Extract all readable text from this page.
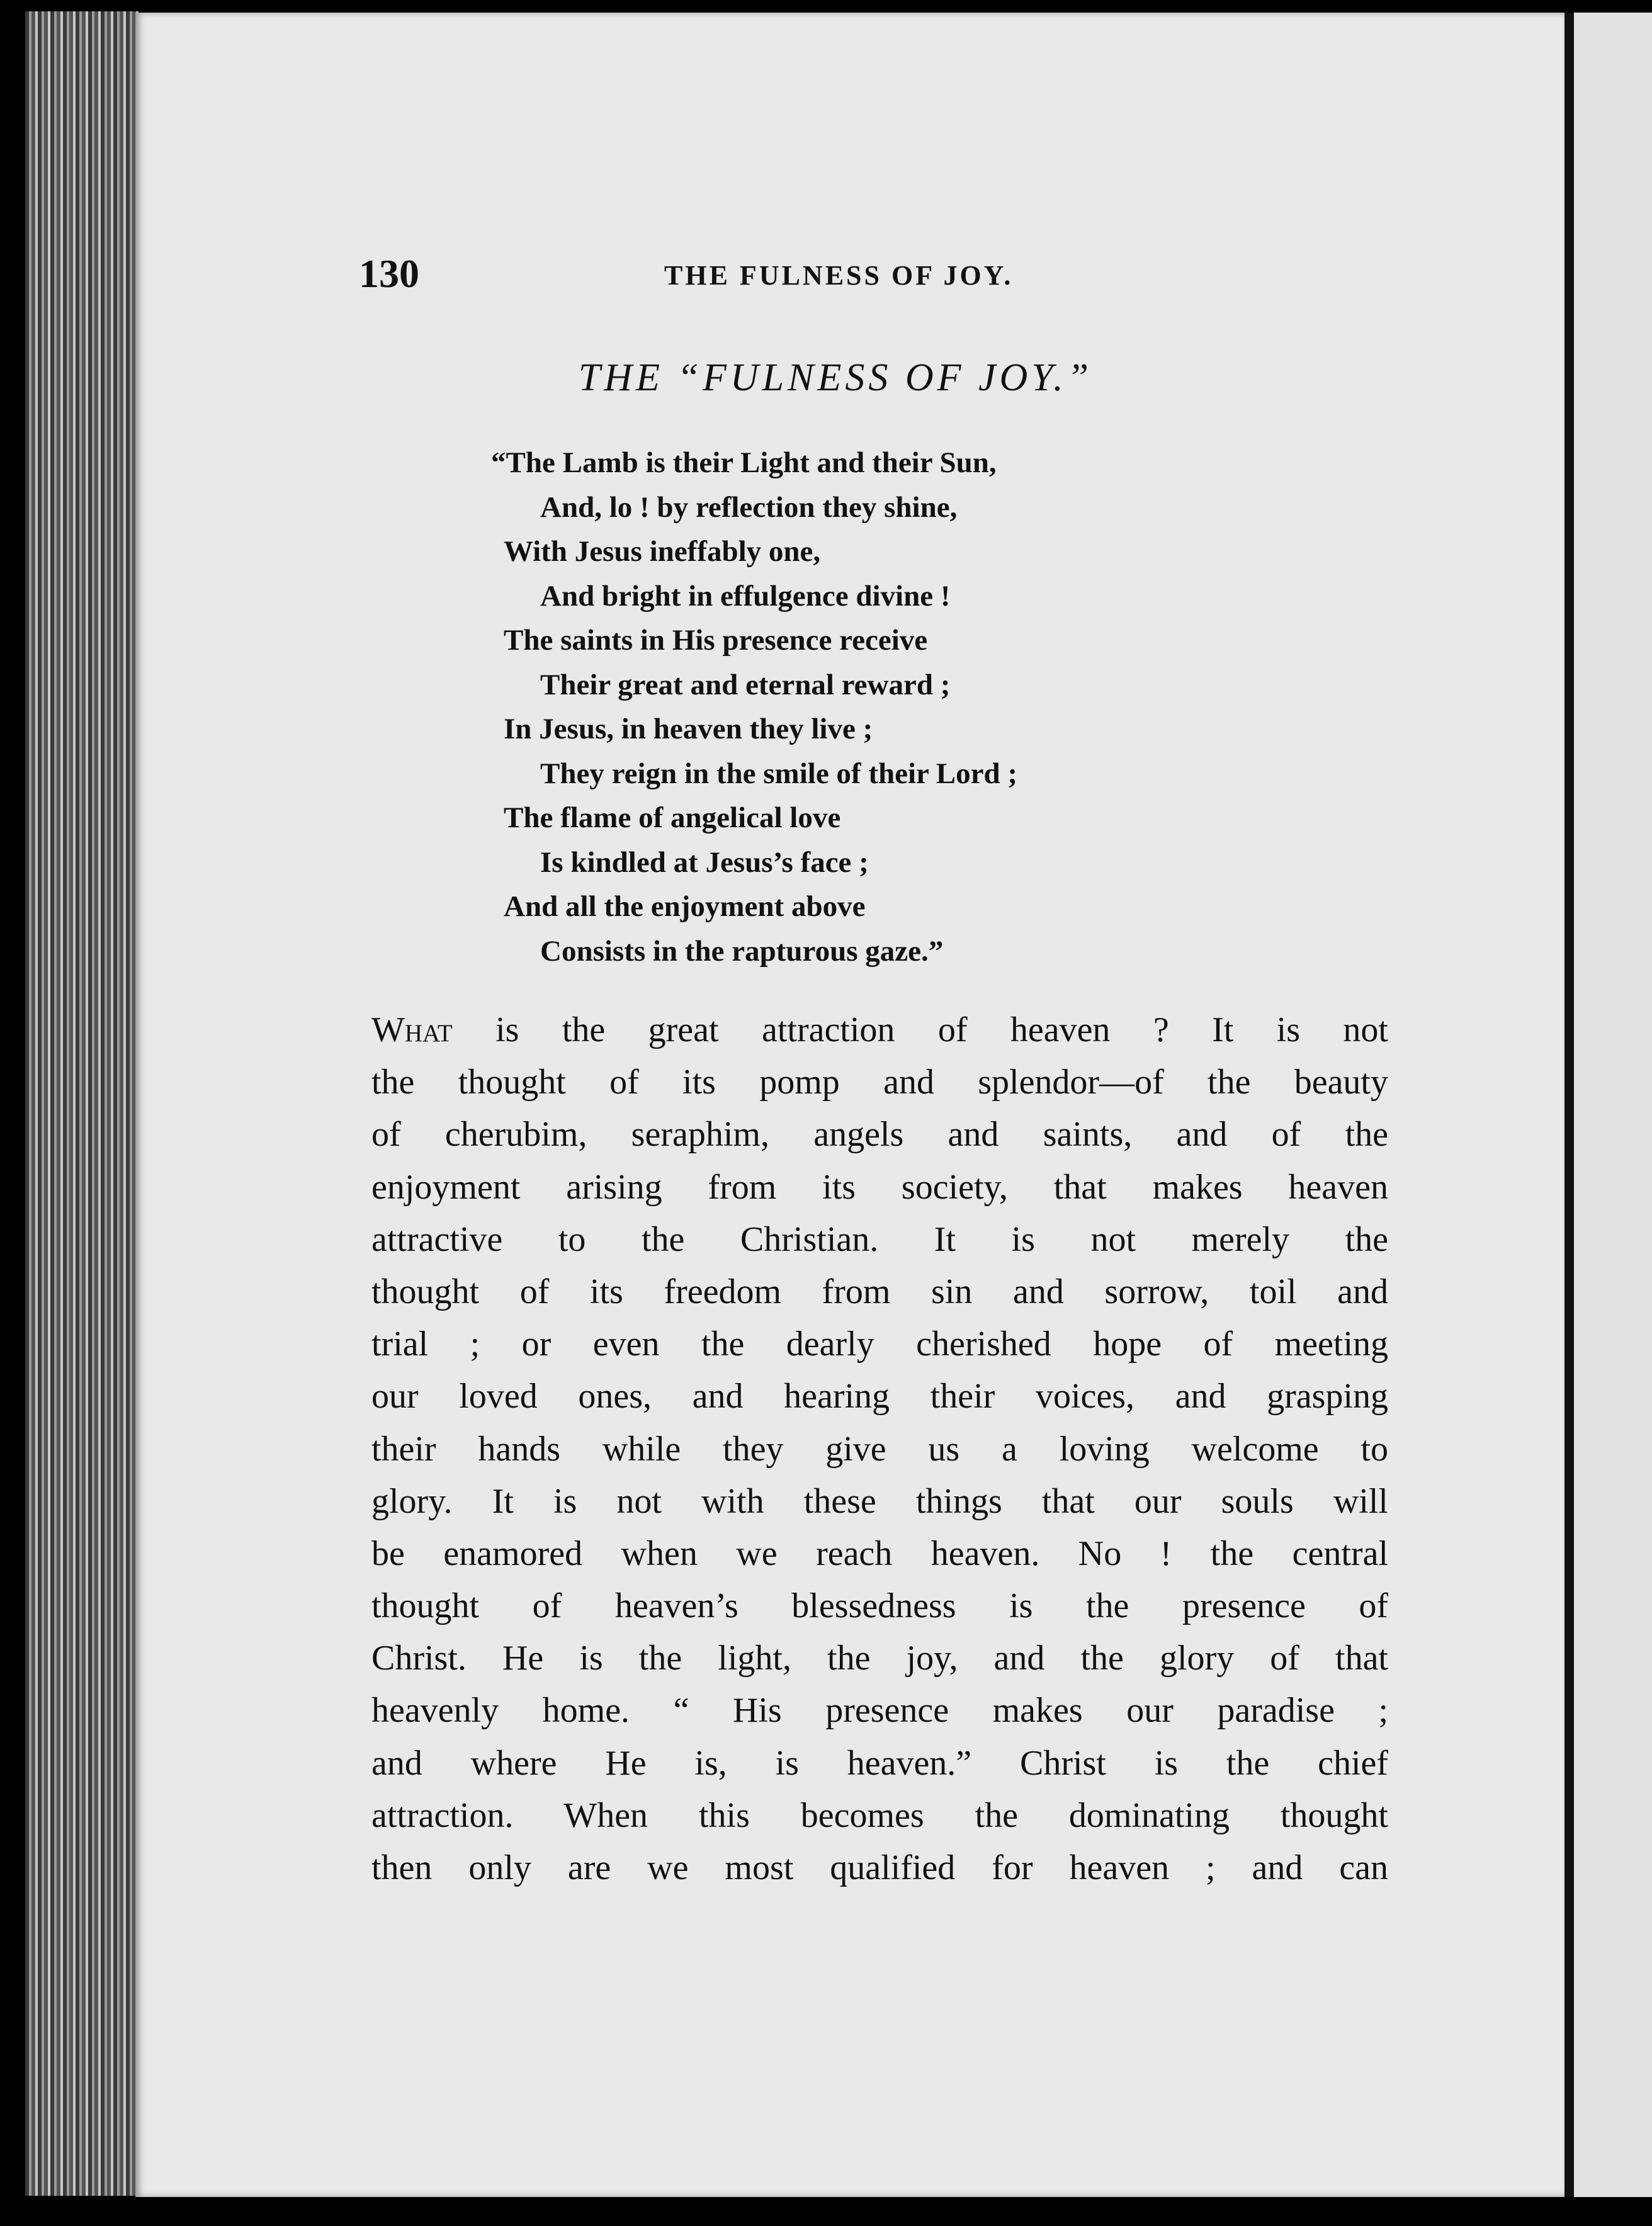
130	THE FULNESS OF JOY.
THE “FULNESS OF JOY.”
“The Lamb is their Light and their Sun,
And, lo ! by reflection they shine,
With Jesus ineffably one,
And bright in effulgence divine !
The saints in His presence receive
Their great and eternal reward ;
In Jesus, in heaven they live ;
They reign in the smile of their Lord ;
The flame of angelical love
Is kindled at Jesus’s face ;
And all the enjoyment above
Consists in the rapturous gaze.”
What is the great attraction of heaven ? It is not
the thought of its pomp and splendor—of the beauty
of cherubim, seraphim, angels and saints, and of the
enjoyment arising from its society, that makes heaven
attractive to the Christian. It is not merely the
thought of its freedom from sin and sorrow, toil and
trial ; or even the dearly cherished hope of meeting
our loved ones, and hearing their voices, and grasping
their hands while they give us a loving welcome to
glory. It is not with these things that our souls will
be enamored when we reach heaven. No ! the central
thought of heaven’s blessedness is the presence of
Christ. He is the light, the joy, and the glory of that
heavenly home. “ His presence makes our paradise ;
and where He is, is heaven.” Christ is the chief
attraction. When this becomes the dominating thought
then only are we most qualified for heaven ; and can
